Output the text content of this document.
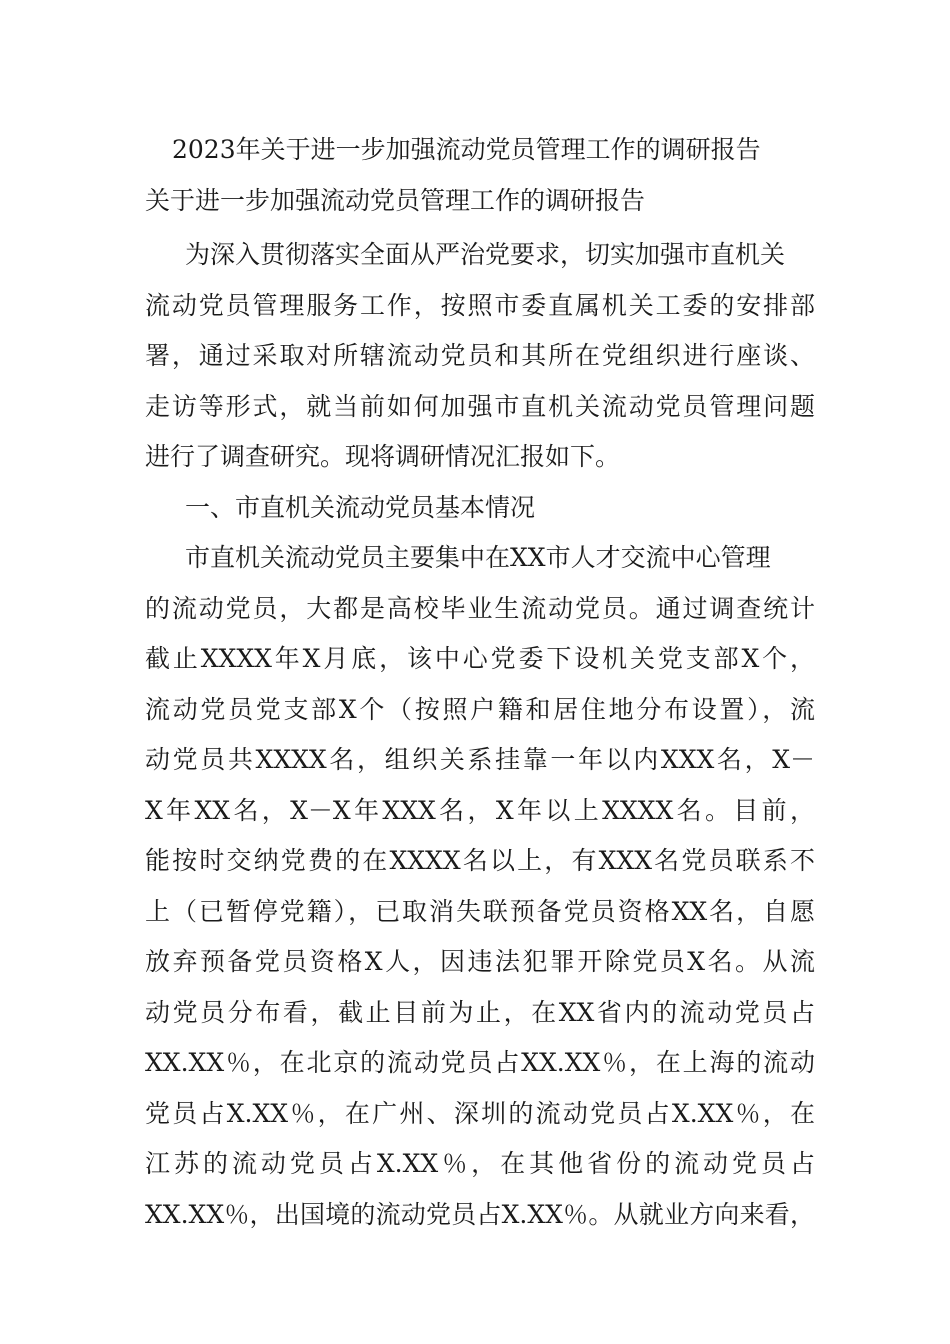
2023年关于进一步加强流动党员管理工作的调研报告
关于进一步加强流动党员管理工作的调研报告
为深入贯彻落实全面从严治党要求，切实加强市直机关
流动党员管理服务工作，按照市委直属机关工委的安排部
署，通过采取对所辖流动党员和其所在党组织进行座谈、
走访等形式，就当前如何加强市直机关流动党员管理问题
进行了调查研究。现将调研情况汇报如下。
一、市直机关流动党员基本情况
市直机关流动党员主要集中在XX市人才交流中心管理
的流动党员，大都是高校毕业生流动党员。通过调查统计
截止XXXX年X月底，该中心党委下设机关党支部X个，
流动党员党支部X个（按照户籍和居住地分布设置），流
动党员共XXXX名，组织关系挂靠一年以内XXX名，X－
X年XX名，X－X年XXX名，X年以上XXXX名。目前，
能按时交纳党费的在XXXX名以上，有XXX名党员联系不
上（已暂停党籍），已取消失联预备党员资格XX名，自愿
放弃预备党员资格X人，因违法犯罪开除党员X名。从流
动党员分布看，截止目前为止，在XX省内的流动党员占
XX.XX％，在北京的流动党员占XX.XX％，在上海的流动
党员占X.XX％，在广州、深圳的流动党员占X.XX％，在
江苏的流动党员占X.XX％，在其他省份的流动党员占
XX.XX％，出国境的流动党员占X.XX％。从就业方向来看，
